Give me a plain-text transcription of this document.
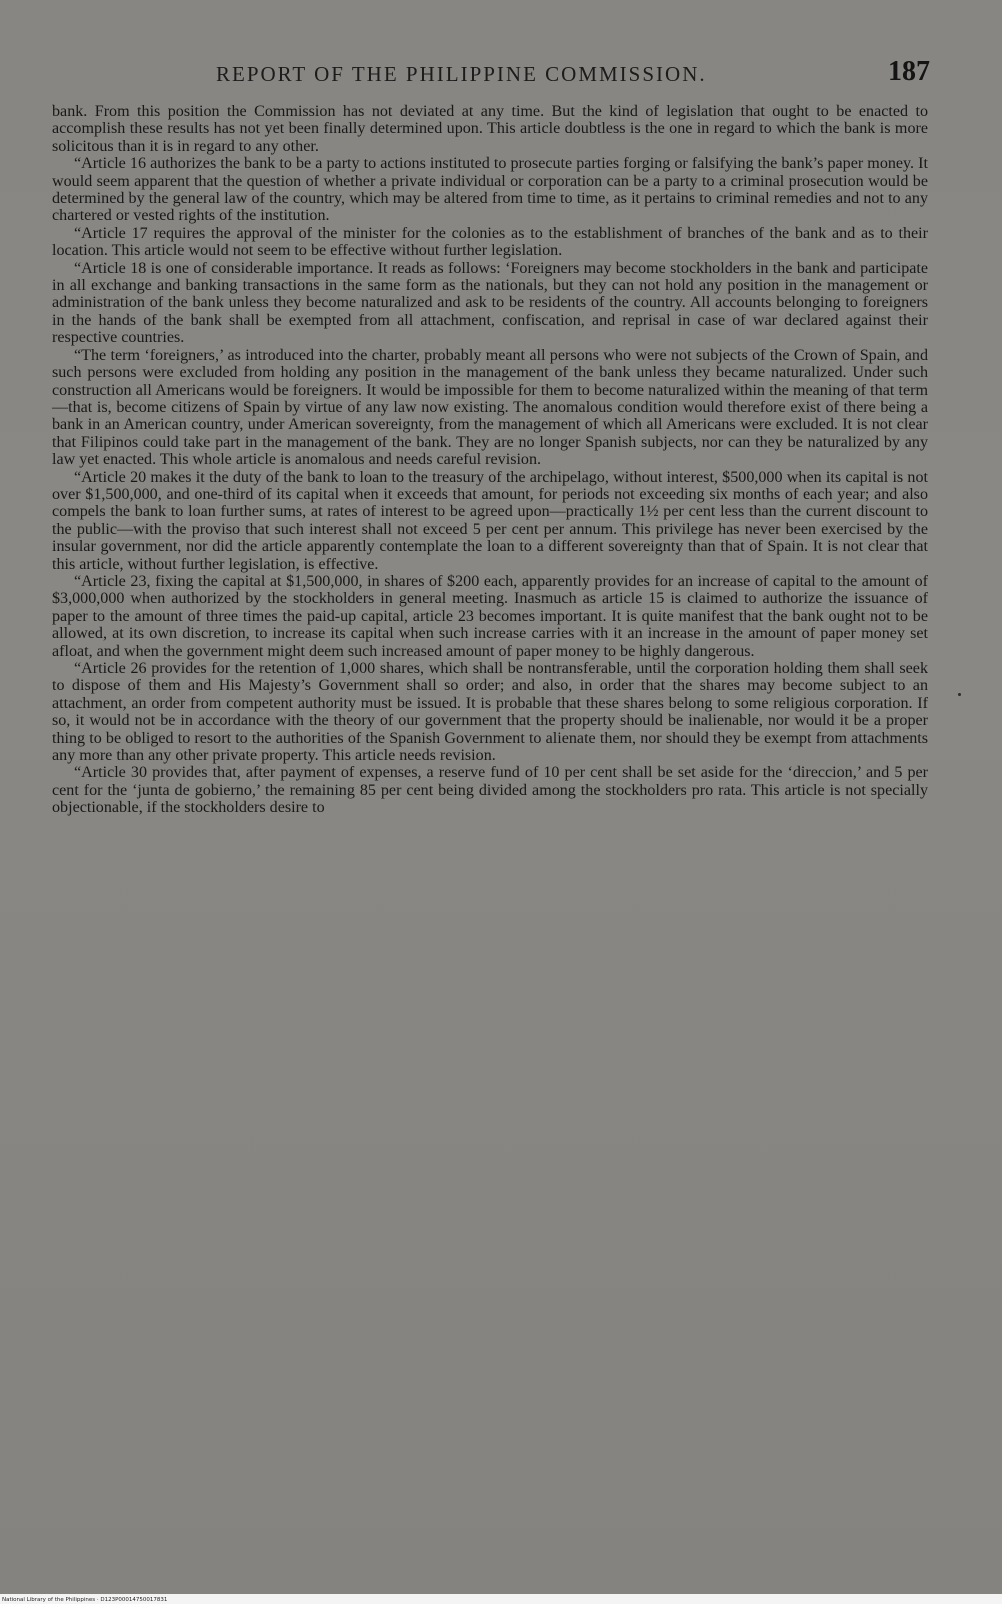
REPORT OF THE PHILIPPINE COMMISSION.	187

bank. From this position the Commission has not deviated at any time. But the kind of legislation that ought to be enacted to accomplish these results has not yet been finally determined upon. This article doubtless is the one in regard to which the bank is more solicitous than it is in regard to any other.

“Article 16 authorizes the bank to be a party to actions instituted to prosecute parties forging or falsifying the bank’s paper money. It would seem apparent that the question of whether a private individual or corporation can be a party to a criminal prosecution would be determined by the general law of the country, which may be altered from time to time, as it pertains to criminal remedies and not to any chartered or vested rights of the institution.

“Article 17 requires the approval of the minister for the colonies as to the establishment of branches of the bank and as to their location. This article would not seem to be effective without further legislation.

“Article 18 is one of considerable importance. It reads as follows: ‘Foreigners may become stockholders in the bank and participate in all exchange and banking transactions in the same form as the nationals, but they can not hold any position in the management or administration of the bank unless they become naturalized and ask to be residents of the country. All accounts belonging to foreigners in the hands of the bank shall be exempted from all attachment, confiscation, and reprisal in case of war declared against their respective countries.

“The term ‘foreigners,’ as introduced into the charter, probably meant all persons who were not subjects of the Crown of Spain, and such persons were excluded from holding any position in the management of the bank unless they became naturalized. Under such construction all Americans would be foreigners. It would be impossible for them to become naturalized within the meaning of that term—that is, become citizens of Spain by virtue of any law now existing. The anomalous condition would therefore exist of there being a bank in an American country, under American sovereignty, from the management of which all Americans were excluded. It is not clear that Filipinos could take part in the management of the bank. They are no longer Spanish subjects, nor can they be naturalized by any law yet enacted. This whole article is anomalous and needs careful revision.

“Article 20 makes it the duty of the bank to loan to the treasury of the archipelago, without interest, $500,000 when its capital is not over $1,500,000, and one-third of its capital when it exceeds that amount, for periods not exceeding six months of each year; and also compels the bank to loan further sums, at rates of interest to be agreed upon—practically 1½ per cent less than the current discount to the public—with the proviso that such interest shall not exceed 5 per cent per annum. This privilege has never been exercised by the insular government, nor did the article apparently contemplate the loan to a different sovereignty than that of Spain. It is not clear that this article, without further legislation, is effective.

“Article 23, fixing the capital at $1,500,000, in shares of $200 each, apparently provides for an increase of capital to the amount of $3,000,000 when authorized by the stockholders in general meeting. Inasmuch as article 15 is claimed to authorize the issuance of paper to the amount of three times the paid-up capital, article 23 becomes important. It is quite manifest that the bank ought not to be allowed, at its own discretion, to increase its capital when such increase carries with it an increase in the amount of paper money set afloat, and when the government might deem such increased amount of paper money to be highly dangerous.

“Article 26 provides for the retention of 1,000 shares, which shall be nontransferable, until the corporation holding them shall seek to dispose of them and His Majesty’s Government shall so order; and also, in order that the shares may become subject to an attachment, an order from competent authority must be issued. It is probable that these shares belong to some religious corporation. If so, it would not be in accordance with the theory of our government that the property should be inalienable, nor would it be a proper thing to be obliged to resort to the authorities of the Spanish Government to alienate them, nor should they be exempt from attachments any more than any other private property. This article needs revision.

“Article 30 provides that, after payment of expenses, a reserve fund of 10 per cent shall be set aside for the ‘direccion,’ and 5 per cent for the ‘junta de gobierno,’ the remaining 85 per cent being divided among the stockholders pro rata. This article is not specially objectionable, if the stockholders desire to

National Library of the Philippines · D123P00014750017831
